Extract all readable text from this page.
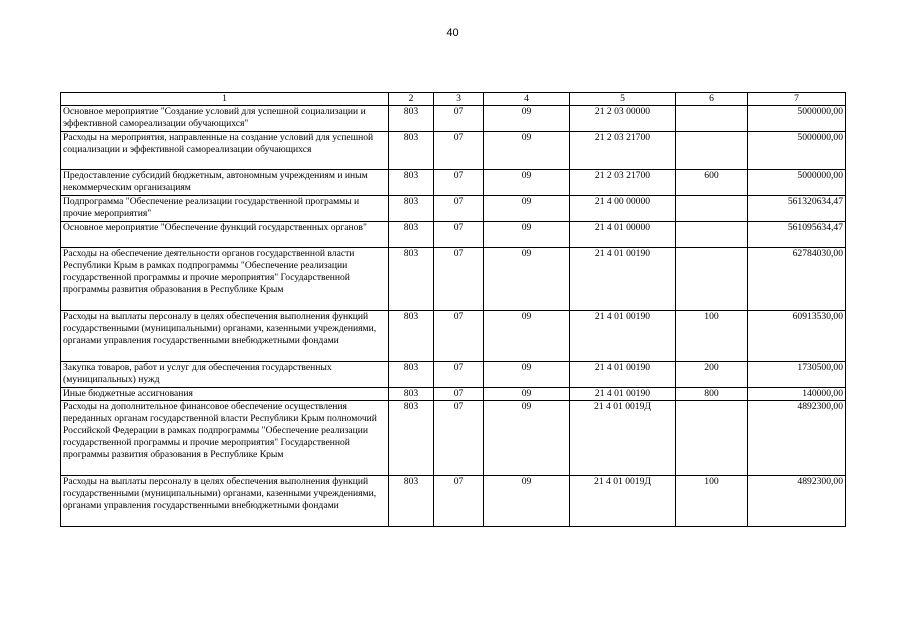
40
1	2	3	4	5	6	7
Основное мероприятие "Создание условий для успешной социализации и эффективной самореализации обучающихся"	803	07	09	21 2 03 00000		5000000,00
Расходы на мероприятия, направленные на создание условий для успешной социализации и эффективной самореализации обучающихся	803	07	09	21 2 03 21700		5000000,00
Предоставление субсидий бюджетным, автономным учреждениям и иным некоммерческим организациям	803	07	09	21 2 03 21700	600	5000000,00
Подпрограмма "Обеспечение реализации государственной программы и прочие мероприятия"	803	07	09	21 4 00 00000		561320634,47
Основное мероприятие "Обеспечение функций государственных органов"	803	07	09	21 4 01 00000		561095634,47
Расходы на обеспечение деятельности органов государственной власти Республики Крым в рамках подпрограммы "Обеспечение реализации государственной программы и прочие мероприятия" Государственной программы развития образования в Республике Крым	803	07	09	21 4 01 00190		62784030,00
Расходы на выплаты персоналу в целях обеспечения выполнения функций государственными (муниципальными) органами, казенными учреждениями, органами управления государственными внебюджетными фондами	803	07	09	21 4 01 00190	100	60913530,00
Закупка товаров, работ и услуг для обеспечения государственных (муниципальных) нужд	803	07	09	21 4 01 00190	200	1730500,00
Иные бюджетные ассигнования	803	07	09	21 4 01 00190	800	140000,00
Расходы на дополнительное финансовое обеспечение осуществления переданных органам государственной власти Республики Крым полномочий Российской Федерации в рамках подпрограммы "Обеспечение реализации государственной программы и прочие мероприятия" Государственной программы развития образования в Республике Крым	803	07	09	21 4 01 0019Д		4892300,00
Расходы на выплаты персоналу в целях обеспечения выполнения функций государственными (муниципальными) органами, казенными учреждениями, органами управления государственными внебюджетными фондами	803	07	09	21 4 01 0019Д	100	4892300,00
